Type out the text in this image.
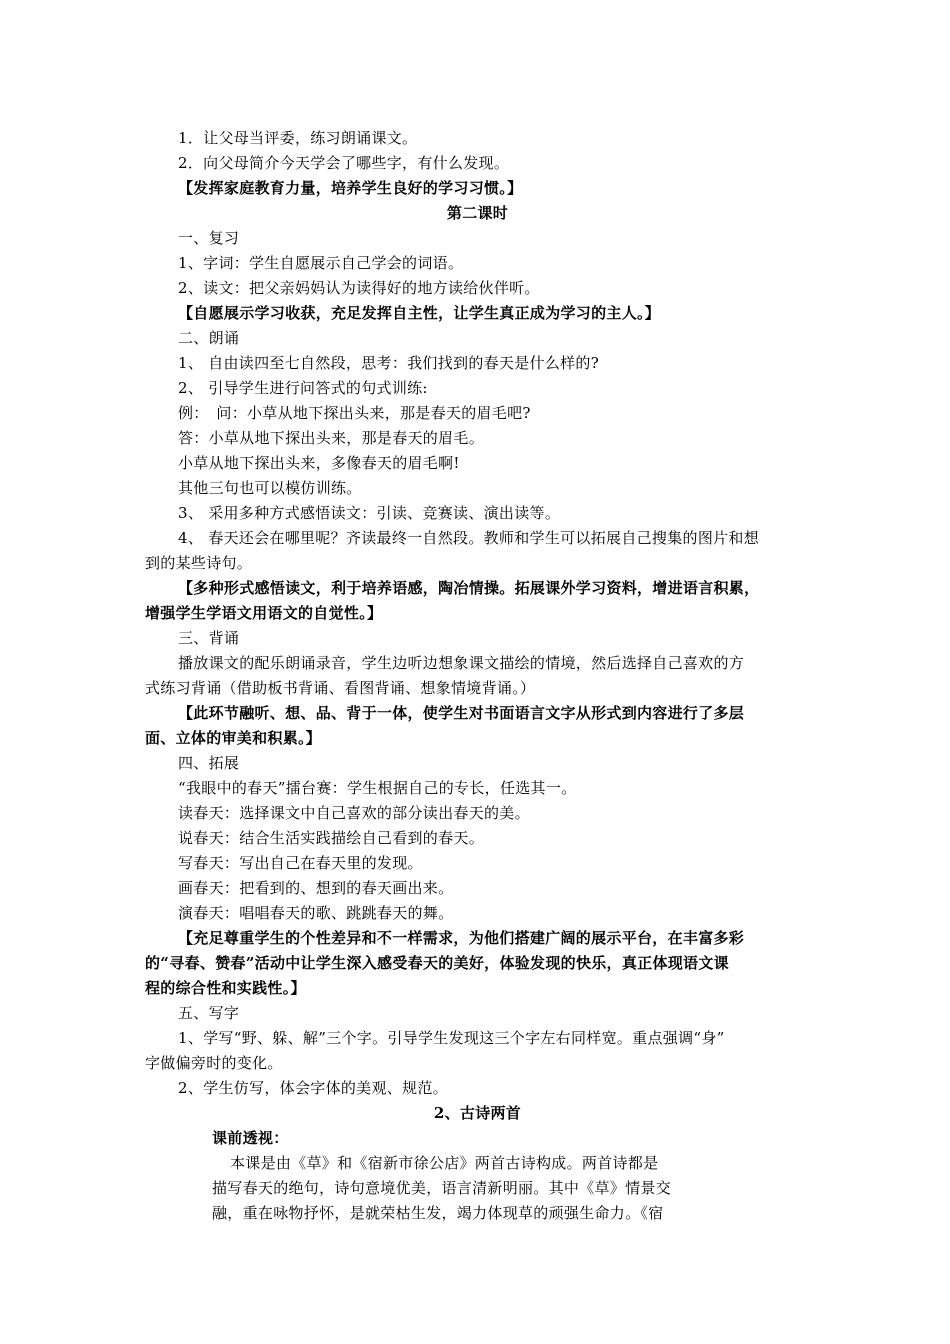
1．让父母当评委，练习朗诵课文。
2．向父母简介今天学会了哪些字，有什么发现。
【发挥家庭教育力量，培养学生良好的学习习惯。】
第二课时
一、复习
1、字词：学生自愿展示自己学会的词语。
2、读文：把父亲妈妈认为读得好的地方读给伙伴听。
【自愿展示学习收获，充足发挥自主性，让学生真正成为学习的主人。】
二、朗诵
1、 自由读四至七自然段，思考：我们找到的春天是什么样的?
2、 引导学生进行问答式的句式训练:
例：　问：小草从地下探出头来，那是春天的眉毛吧?
答：小草从地下探出头来，那是春天的眉毛。
小草从地下探出头来，多像春天的眉毛啊!
其他三句也可以模仿训练。
3、 采用多种方式感悟读文：引读、竞赛读、演出读等。
4、 春天还会在哪里呢？齐读最终一自然段。教师和学生可以拓展自己搜集的图片和想
到的某些诗句。
【多种形式感悟读文，利于培养语感，陶冶情操。拓展课外学习资料，增进语言积累，
增强学生学语文用语文的自觉性。】
三、背诵
播放课文的配乐朗诵录音，学生边听边想象课文描绘的情境，然后选择自己喜欢的方
式练习背诵（借助板书背诵、看图背诵、想象情境背诵。）
【此环节融听、想、品、背于一体，使学生对书面语言文字从形式到内容进行了多层
面、立体的审美和积累。】
四、拓展
“我眼中的春天”擂台赛：学生根据自己的专长，任选其一。
读春天：选择课文中自己喜欢的部分读出春天的美。
说春天：结合生活实践描绘自己看到的春天。
写春天：写出自己在春天里的发现。
画春天：把看到的、想到的春天画出来。
演春天：唱唱春天的歌、跳跳春天的舞。
【充足尊重学生的个性差异和不一样需求，为他们搭建广阔的展示平台，在丰富多彩
的“寻春、赞春”活动中让学生深入感受春天的美好，体验发现的快乐，真正体现语文课
程的综合性和实践性。】
五、写字
1、学写“野、躲、解”三个字。引导学生发现这三个字左右同样宽。重点强调“身”
字做偏旁时的变化。
2、学生仿写，体会字体的美观、规范。
2、古诗两首
课前透视：
本课是由《草》和《宿新市徐公店》两首古诗构成。两首诗都是
描写春天的绝句，诗句意境优美，语言清新明丽。其中《草》情景交
融，重在咏物抒怀，是就荣枯生发，竭力体现草的顽强生命力。《宿
